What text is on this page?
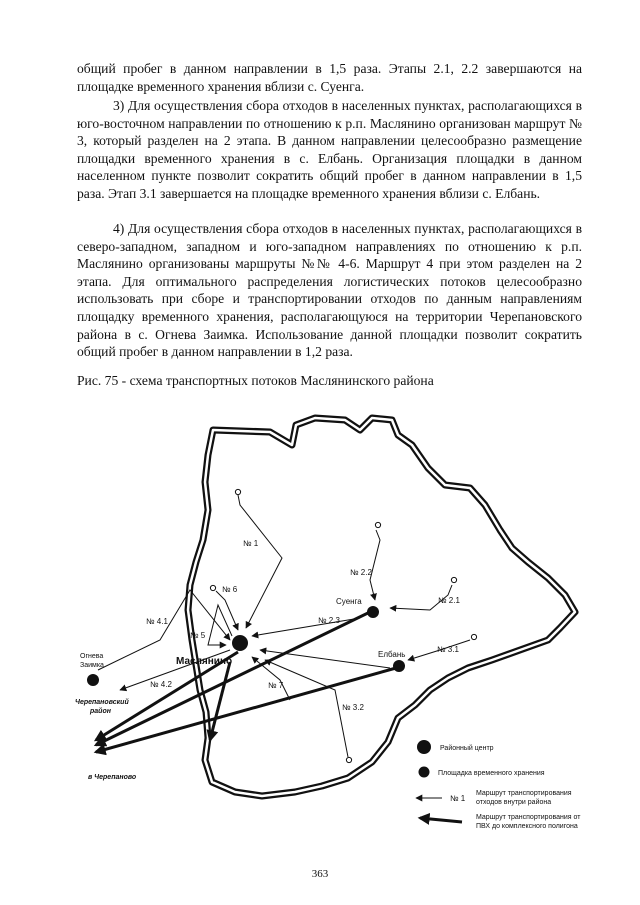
общий пробег в данном направлении в 1,5 раза. Этапы 2.1, 2.2 завершаются на площадке временного хранения вблизи с. Суенга.

3) Для осуществления сбора отходов в населенных пунктах, располагающихся в юго-восточном направлении по отношению к р.п. Маслянино организован маршрут № 3, который разделен на 2 этапа. В данном направлении целесообразно размещение площадки временного хранения в с. Елбань. Организация площадки в данном населенном пункте позволит сократить общий пробег в данном направлении в 1,5 раза. Этап 3.1 завершается на площадке временного хранения вблизи с. Елбань.

4) Для осуществления сбора отходов в населенных пунктах, располагающихся в северо-западном, западном и юго-западном направлениях по отношению к р.п. Маслянино организованы маршруты №№ 4-6. Маршрут 4 при этом разделен на 2 этапа. Для оптимального распределения логистических потоков целесообразно использовать при сборе и транспортировании отходов по данным направлениям площадку временного хранения, располагающуюся на территории Черепановского района в с. Огнева Заимка. Использование данной площадки позволит сократить общий пробег в данном направлении в 1,2 раза.

Рис. 75 - схема транспортных потоков Маслянинского района

Маслянино
Суенга
Елбань
Огнева
Заимка
Черепановский
район
в Черепаново
№ 1
№ 2.1
№ 2.2
№ 2.3
№ 3.1
№ 3.2
№ 4.1
№ 4.2
№ 5
№ 6
№ 7
Районный центр
Площадка временного хранения
№ 1
Маршрут транспортирования
отходов внутри района
Маршрут транспортирования от
ПВХ до комплексного полигона
363
